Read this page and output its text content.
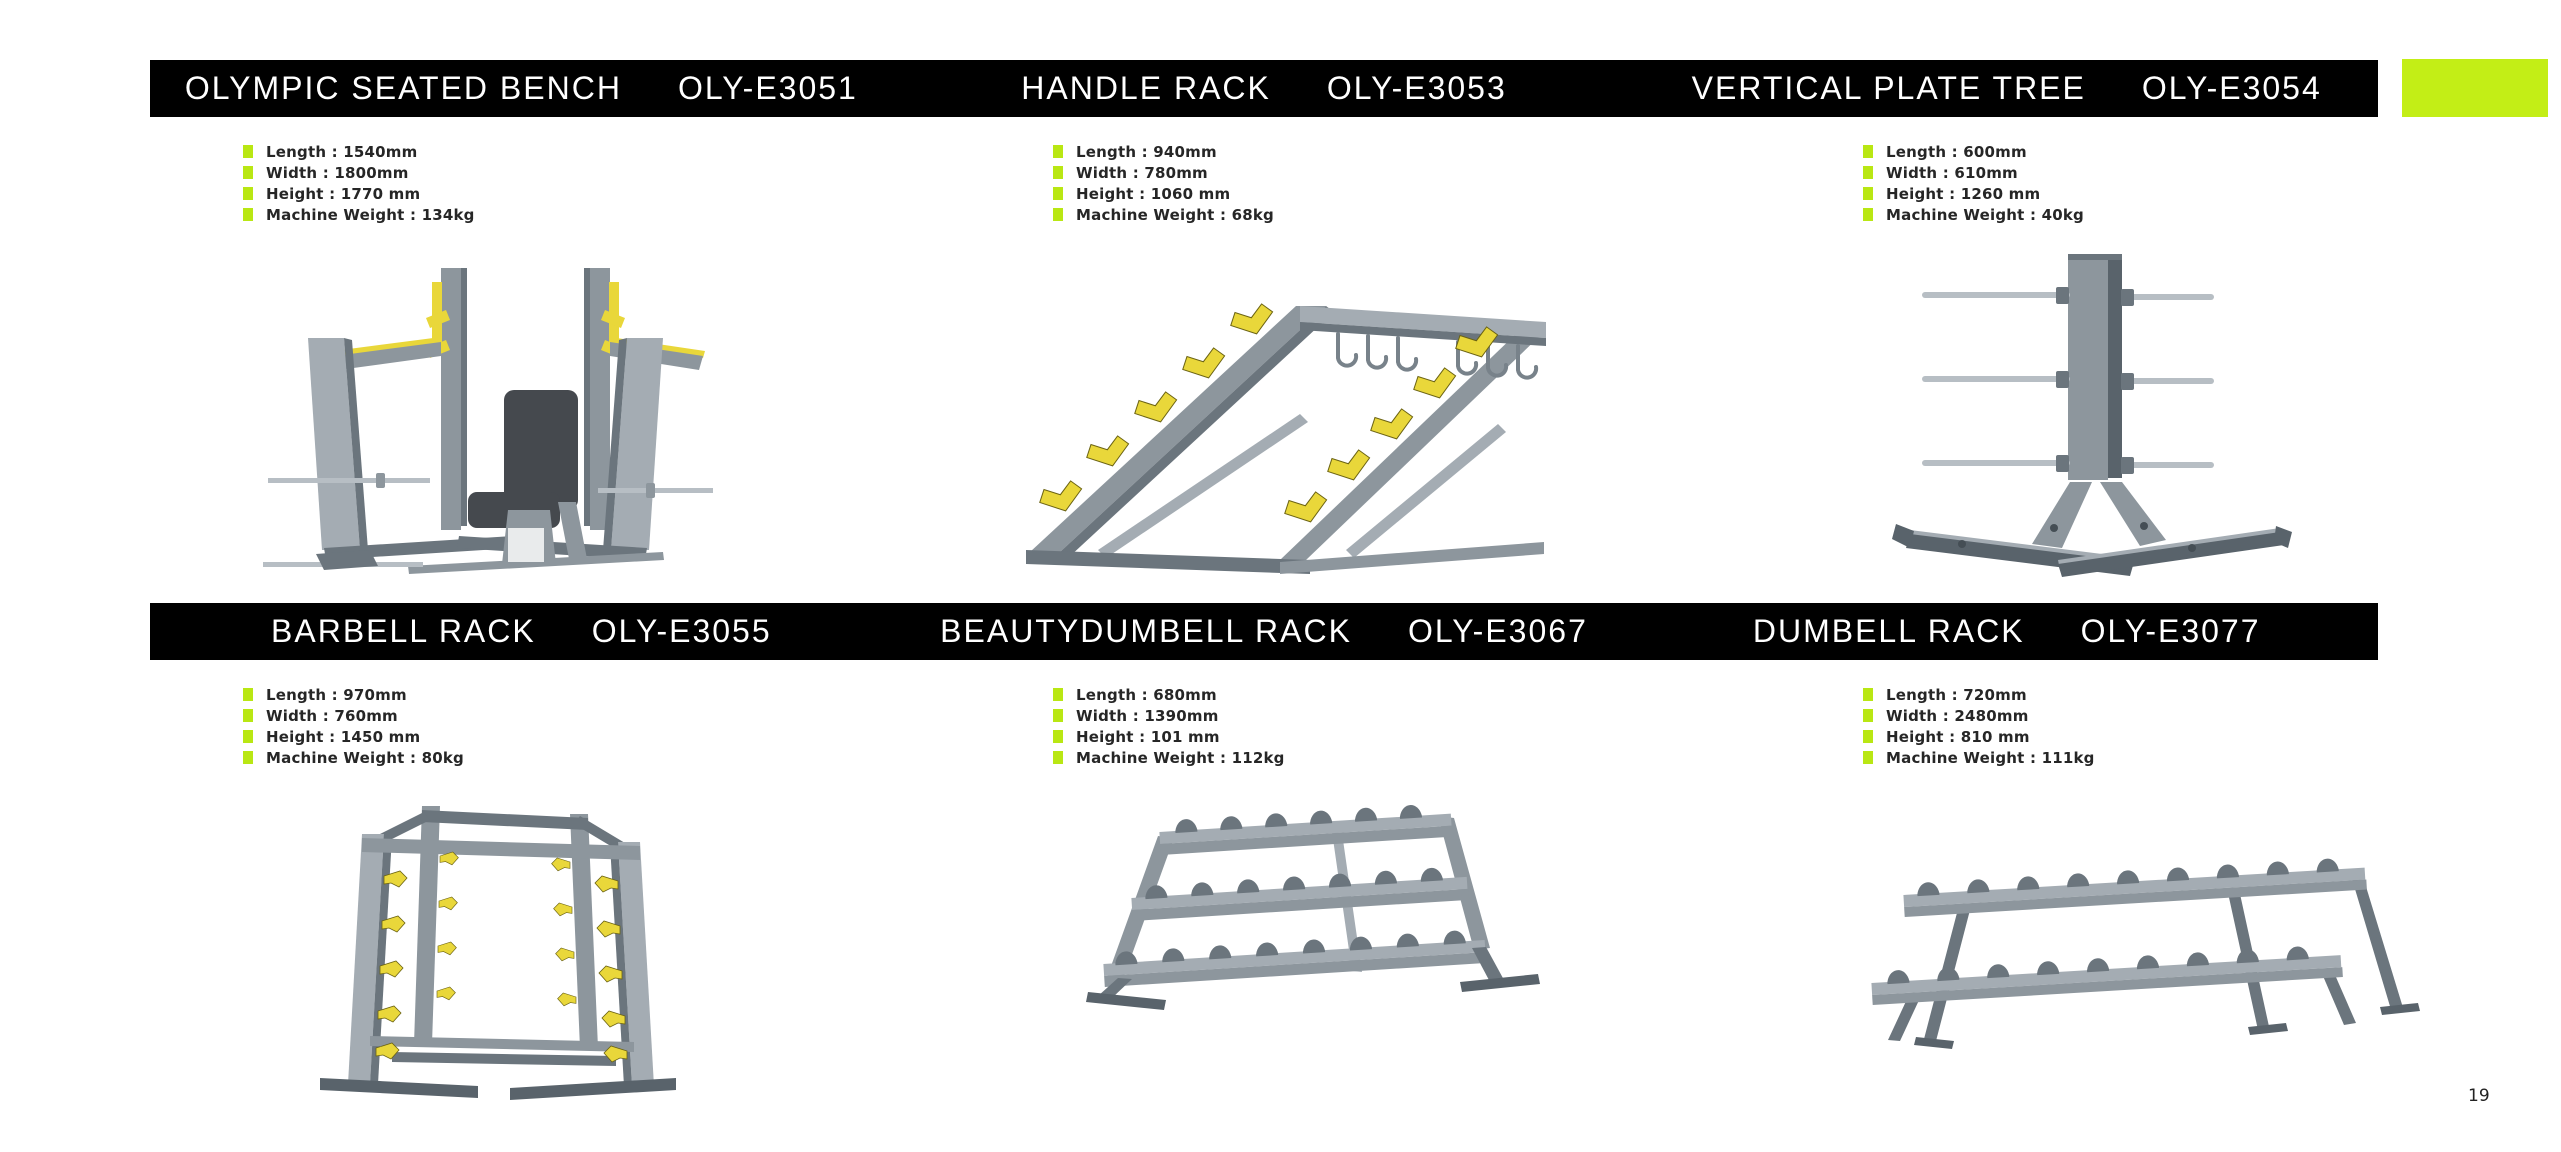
OLYMPIC SEATED BENCH OLY-E3051	HANDLE RACK OLY-E3053	VERTICAL PLATE TREE OLY-E3054
Length : 1540mm
Width : 1800mm
Height : 1770 mm
Machine Weight : 134kg
Length : 940mm
Width : 780mm
Height : 1060 mm
Machine Weight : 68kg
Length : 600mm
Width : 610mm
Height : 1260 mm
Machine Weight : 40kg
BARBELL RACK OLY-E3055	BEAUTYDUMBELL RACK OLY-E3067	DUMBELL RACK OLY-E3077
Length : 970mm
Width : 760mm
Height : 1450 mm
Machine Weight : 80kg
Length : 680mm
Width : 1390mm
Height : 101 mm
Machine Weight : 112kg
Length : 720mm
Width : 2480mm
Height : 810 mm
Machine Weight : 111kg
19
